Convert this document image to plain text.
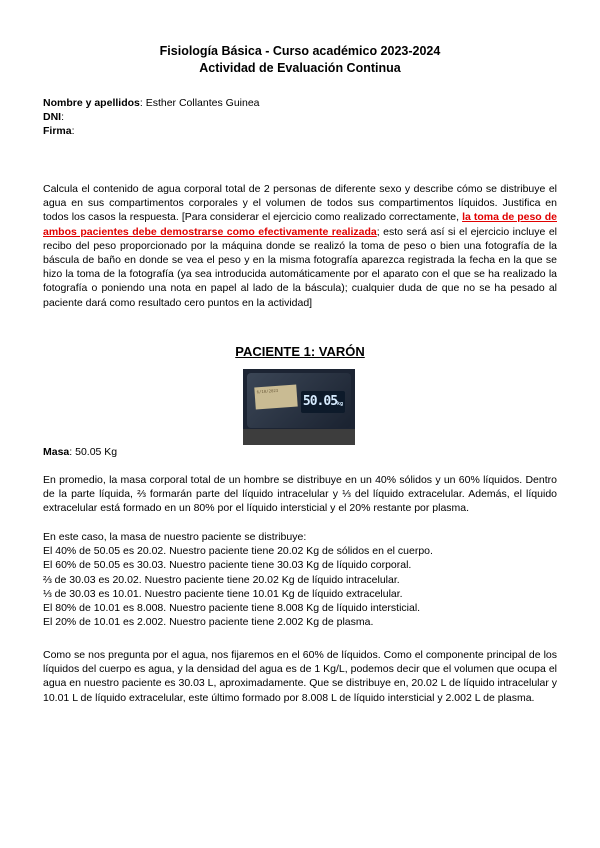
Fisiología Básica - Curso académico 2023-2024
Actividad de Evaluación Continua
Nombre y apellidos: Esther Collantes Guinea
DNI:
Firma:
Calcula el contenido de agua corporal total de 2 personas de diferente sexo y describe cómo se distribuye el agua en sus compartimentos corporales y el volumen de todos sus compartimentos líquidos. Justifica en todos los casos la respuesta. [Para considerar el ejercicio como realizado correctamente, la toma de peso de ambos pacientes debe demostrarse como efectivamente realizada; esto será así si el ejercicio incluye el recibo del peso proporcionado por la máquina donde se realizó la toma de peso o bien una fotografía de la báscula de baño en donde se vea el peso y en la misma fotografía aparezca registrada la fecha en la que se hizo la toma de la fotografía (ya sea introducida automáticamente por el aparato con el que se ha realizado la fotografía o poniendo una nota en papel al lado de la báscula); cualquier duda de que no se ha pesado al paciente dará como resultado cero puntos en la actividad]
PACIENTE 1: VARÓN
6/10/2023
50.05kg
Masa: 50.05 Kg
En promedio, la masa corporal total de un hombre se distribuye en un 40% sólidos y un 60% líquidos. Dentro de la parte líquida, ⅔ formarán parte del líquido intracelular y ⅓ del líquido extracelular. Además, el líquido extracelular está formado en un 80% por el líquido intersticial y el 20% restante por plasma.
En este caso, la masa de nuestro paciente se distribuye:
El 40% de 50.05 es 20.02. Nuestro paciente tiene 20.02 Kg de sólidos en el cuerpo.
El 60% de 50.05 es 30.03. Nuestro paciente tiene 30.03 Kg de líquido corporal.
⅔ de 30.03 es 20.02. Nuestro paciente tiene 20.02 Kg de líquido intracelular.
⅓ de 30.03 es 10.01. Nuestro paciente tiene 10.01 Kg de líquido extracelular.
El 80% de 10.01 es 8.008. Nuestro paciente tiene 8.008 Kg de líquido intersticial.
El 20% de 10.01 es 2.002. Nuestro paciente tiene 2.002 Kg de plasma.
Como se nos pregunta por el agua, nos fijaremos en el 60% de líquidos. Como el componente principal de los líquidos del cuerpo es agua, y la densidad del agua es de 1 Kg/L, podemos decir que el volumen que ocupa el agua en nuestro paciente es 30.03 L, aproximadamente. Que se distribuye en, 20.02 L de líquido intracelular y 10.01 L de líquido extracelular, este último formado por 8.008 L de líquido intersticial y 2.002 L de plasma.
